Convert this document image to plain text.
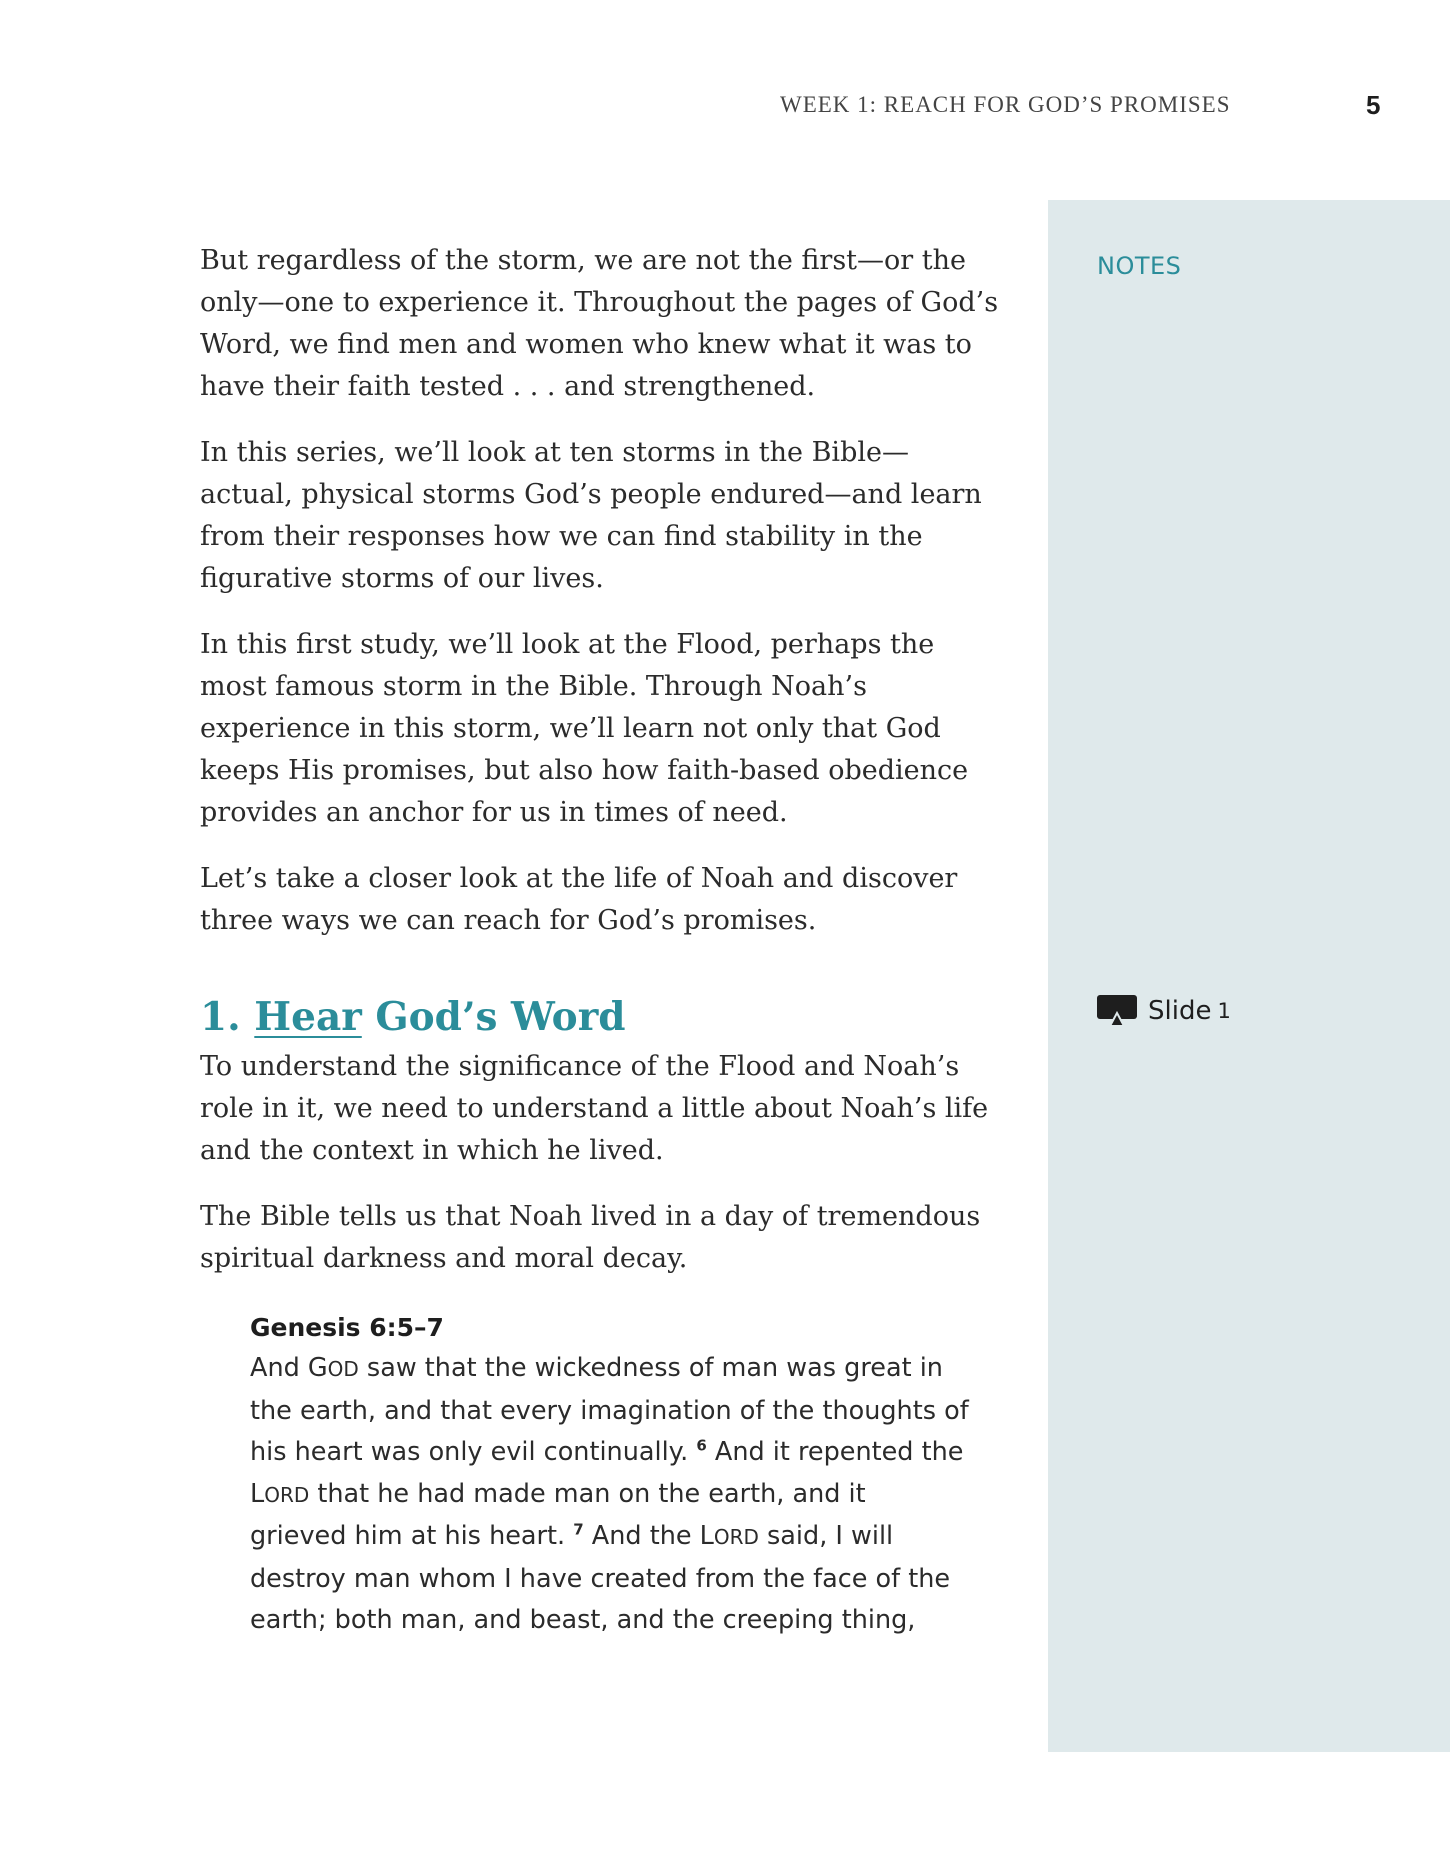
WEEK 1: REACH FOR GOD’S PROMISES	5
NOTES
Slide 1

But regardless of the storm, we are not the first—or the only—one to experience it. Throughout the pages of God’s Word, we find men and women who knew what it was to have their faith tested . . . and strengthened.

In this series, we’ll look at ten storms in the Bible—actual, physical storms God’s people endured—and learn from their responses how we can find stability in the figurative storms of our lives.

In this first study, we’ll look at the Flood, perhaps the most famous storm in the Bible. Through Noah’s experience in this storm, we’ll learn not only that God keeps His promises, but also how faith-based obedience provides an anchor for us in times of need.

Let’s take a closer look at the life of Noah and discover three ways we can reach for God’s promises.

1. Hear God’s Word

To understand the significance of the Flood and Noah’s role in it, we need to understand a little about Noah’s life and the context in which he lived.

The Bible tells us that Noah lived in a day of tremendous spiritual darkness and moral decay.

Genesis 6:5–7
And GOD saw that the wickedness of man was great in the earth, and that every imagination of the thoughts of his heart was only evil continually. $^6$ And it repented the LORD that he had made man on the earth, and it grieved him at his heart. $^7$ And the LORD said, I will destroy man whom I have created from the face of the earth; both man, and beast, and the creeping thing,
